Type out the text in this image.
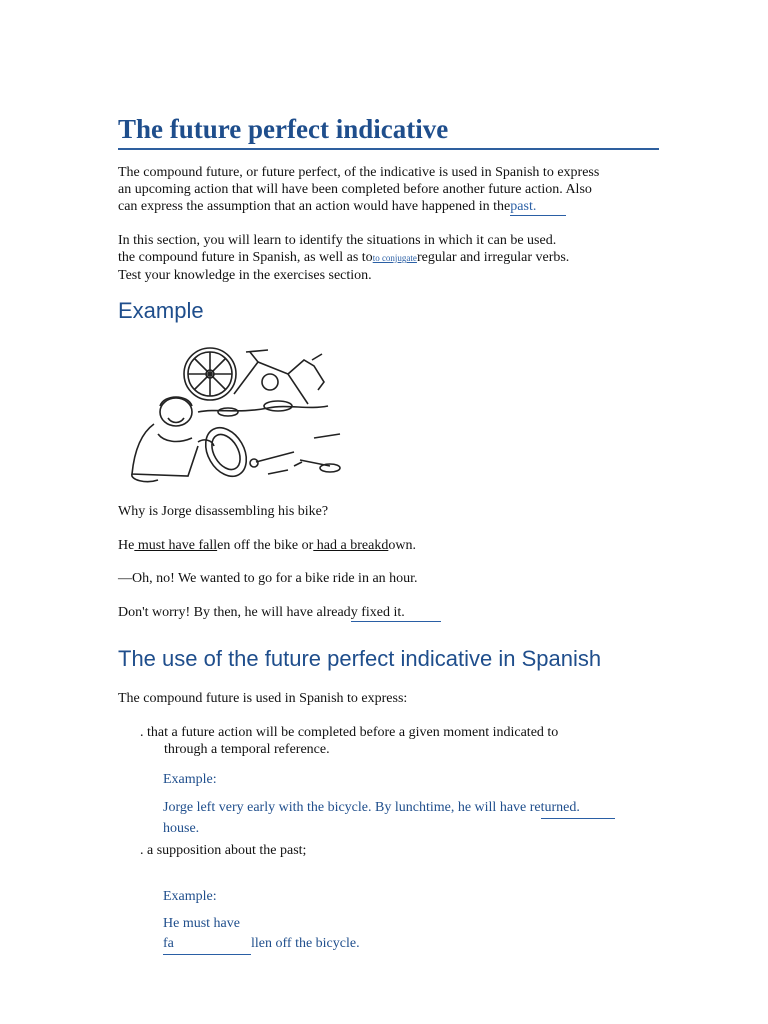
The future perfect indicative
The compound future, or future perfect, of the indicative is used in Spanish to express
an upcoming action that will have been completed before another future action. Also
can express the assumption that an action would have happened in thepast.
In this section, you will learn to identify the situations in which it can be used.
the compound future in Spanish, as well as toto conjugateregular and irregular verbs.
Test your knowledge in the exercises section.
Example
Why is Jorge disassembling his bike?
He must have fallen off the bike or had a breakdown.
—Oh, no! We wanted to go for a bike ride in an hour.
Don't worry! By then, he will have already fixed it.
The use of the future perfect indicative in Spanish
The compound future is used in Spanish to express:
. that a future action will be completed before a given moment indicated to
through a temporal reference.
Example:
Jorge left very early with the bicycle. By lunchtime, he will have returned.
house.
. a supposition about the past;
Example:
He must have fa	llen off the bicycle.
